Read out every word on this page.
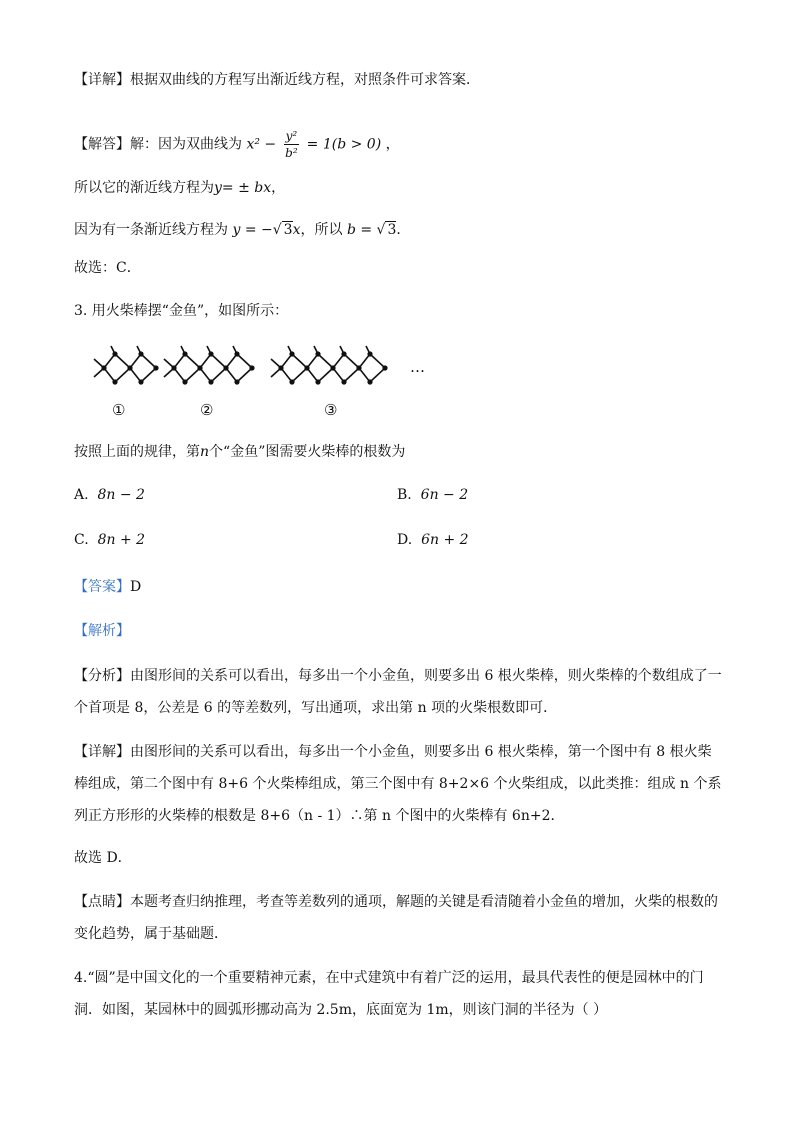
【详解】根据双曲线的方程写出渐近线方程，对照条件可求答案．
【解答】解：因为双曲线为 $x^2 - \frac{\text{y²}}{\text{b²}} = 1(b > 0)$ ，
所以它的渐近线方程为y= ± bx，
因为有一条渐近线方程为 y = −√ 3x，所以 b = √ 3．
故选：C．
3. 用火柴棒摆“金鱼”，如图所示：
①	②	③
…
按照上面的规律，第n个“金鱼”图需要火柴棒的根数为
A. 8n − 2	B. 6n − 2
C. 8n + 2	D. 6n + 2
【答案】D
【解析】
【分析】由图形间的关系可以看出，每多出一个小金鱼，则要多出 6 根火柴棒，则火柴棒的个数组成了一个首项是 8，公差是 6 的等差数列，写出通项，求出第 n 项的火柴根数即可．
【详解】由图形间的关系可以看出，每多出一个小金鱼，则要多出 6 根火柴棒，第一个图中有 8 根火柴棒组成，第二个图中有 8+6 个火柴棒组成，第三个图中有 8+2×6 个火柴组成，以此类推：组成 n 个系列正方形形的火柴棒的根数是 8+6（n - 1）∴第 n 个图中的火柴棒有 6n+2．
故选 D．
【点睛】本题考查归纳推理，考查等差数列的通项，解题的关键是看清随着小金鱼的增加，火柴的根数的变化趋势，属于基础题．
4.“圆”是中国文化的一个重要精神元素，在中式建筑中有着广泛的运用，最具代表性的便是园林中的门洞．如图，某园林中的圆弧形挪动高为 2.5m，底面宽为 1m，则该门洞的半径为（ ）
